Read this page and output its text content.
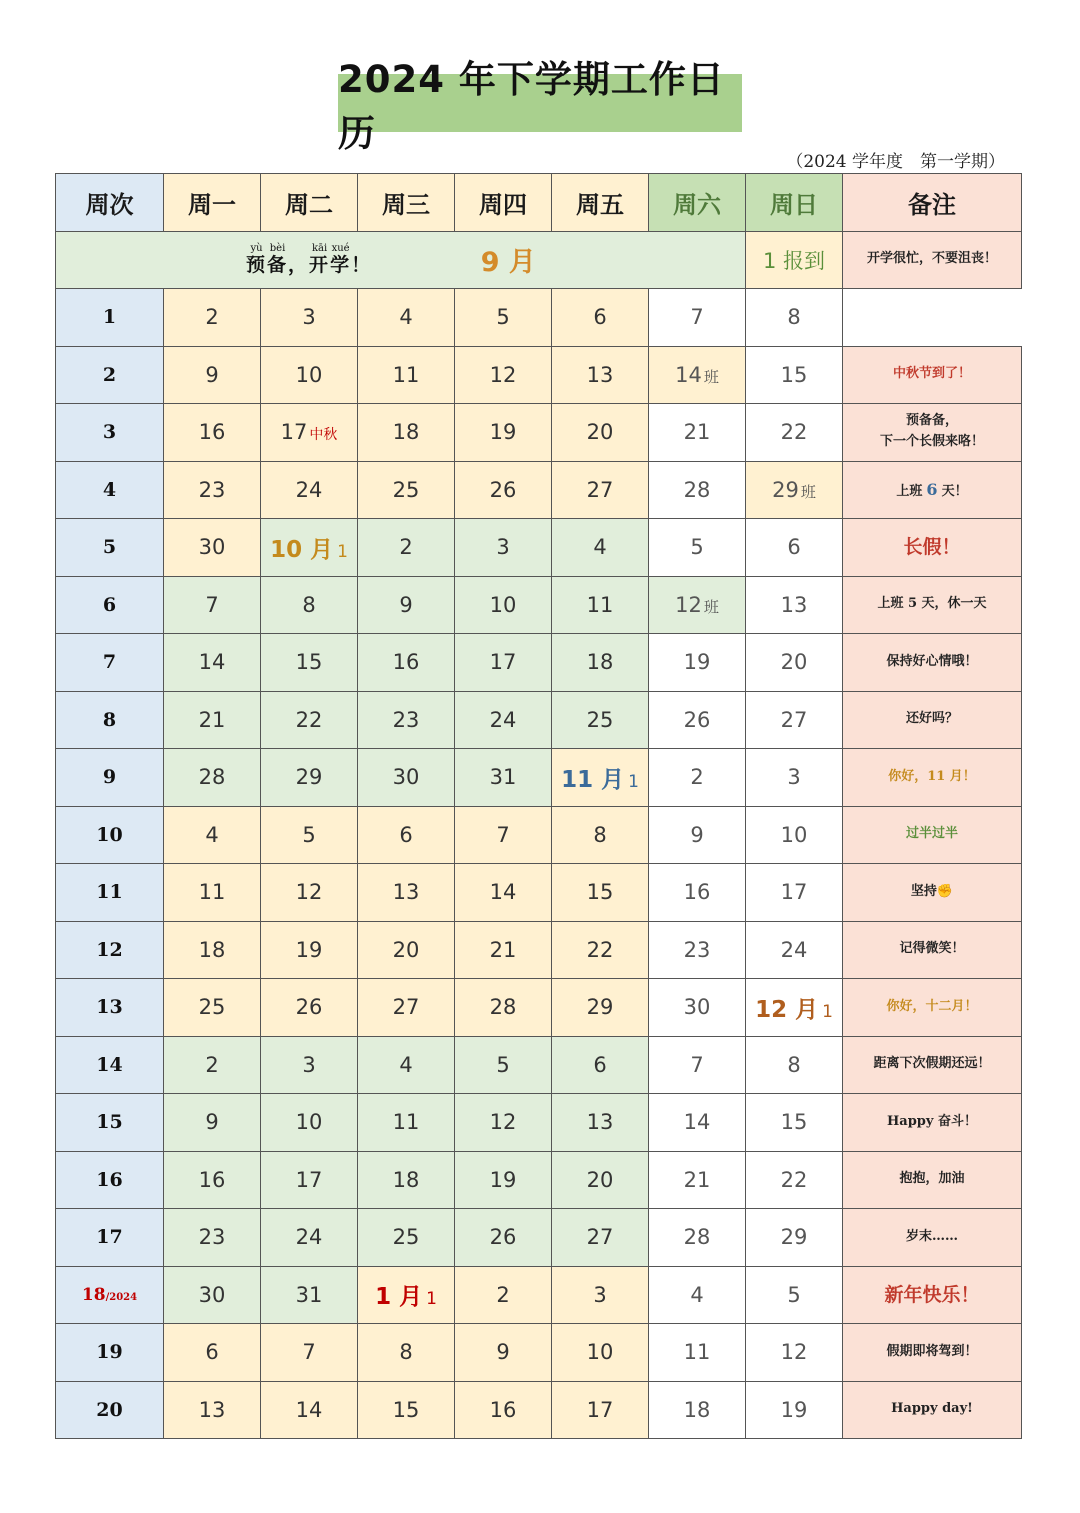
2024 年下学期工作日历
（2024 学年度　第一学期）
周次	周一	周二	周三	周四	周五	周六	周日	备注
预yù备bèi，开kāi学xué！ 9 月							1 报到	开学很忙，不要沮丧！
1	2	3	4	5	6	7	8	
2	9	10	11	12	13	14 班	15	中秋节到了！
3	16	17 中秋	18	19	20	21	22	预备备，
下一个长假来咯！

4	23	24	25	26	27	28	29 班	上班 6 天！
5	30	10 月 1	2	3	4	5	6	长假！
6	7	8	9	10	11	12 班	13	上班 5 天，休一天
7	14	15	16	17	18	19	20	保持好心情哦！
8	21	22	23	24	25	26	27	还好吗？
9	28	29	30	31	11 月 1	2	3	你好，11 月！
10	4	5	6	7	8	9	10	过半过半
11	11	12	13	14	15	16	17	坚持✊
12	18	19	20	21	22	23	24	记得微笑！
13	25	26	27	28	29	30	12 月 1	你好，十二月！
14	2	3	4	5	6	7	8	距离下次假期还远！
15	9	10	11	12	13	14	15	Happy 奋斗！
16	16	17	18	19	20	21	22	抱抱，加油
17	23	24	25	26	27	28	29	岁末……
18/2024	30	31	1 月 1	2	3	4	5	新年快乐！
19	6	7	8	9	10	11	12	假期即将驾到！
20	13	14	15	16	17	18	19	Happy day!
